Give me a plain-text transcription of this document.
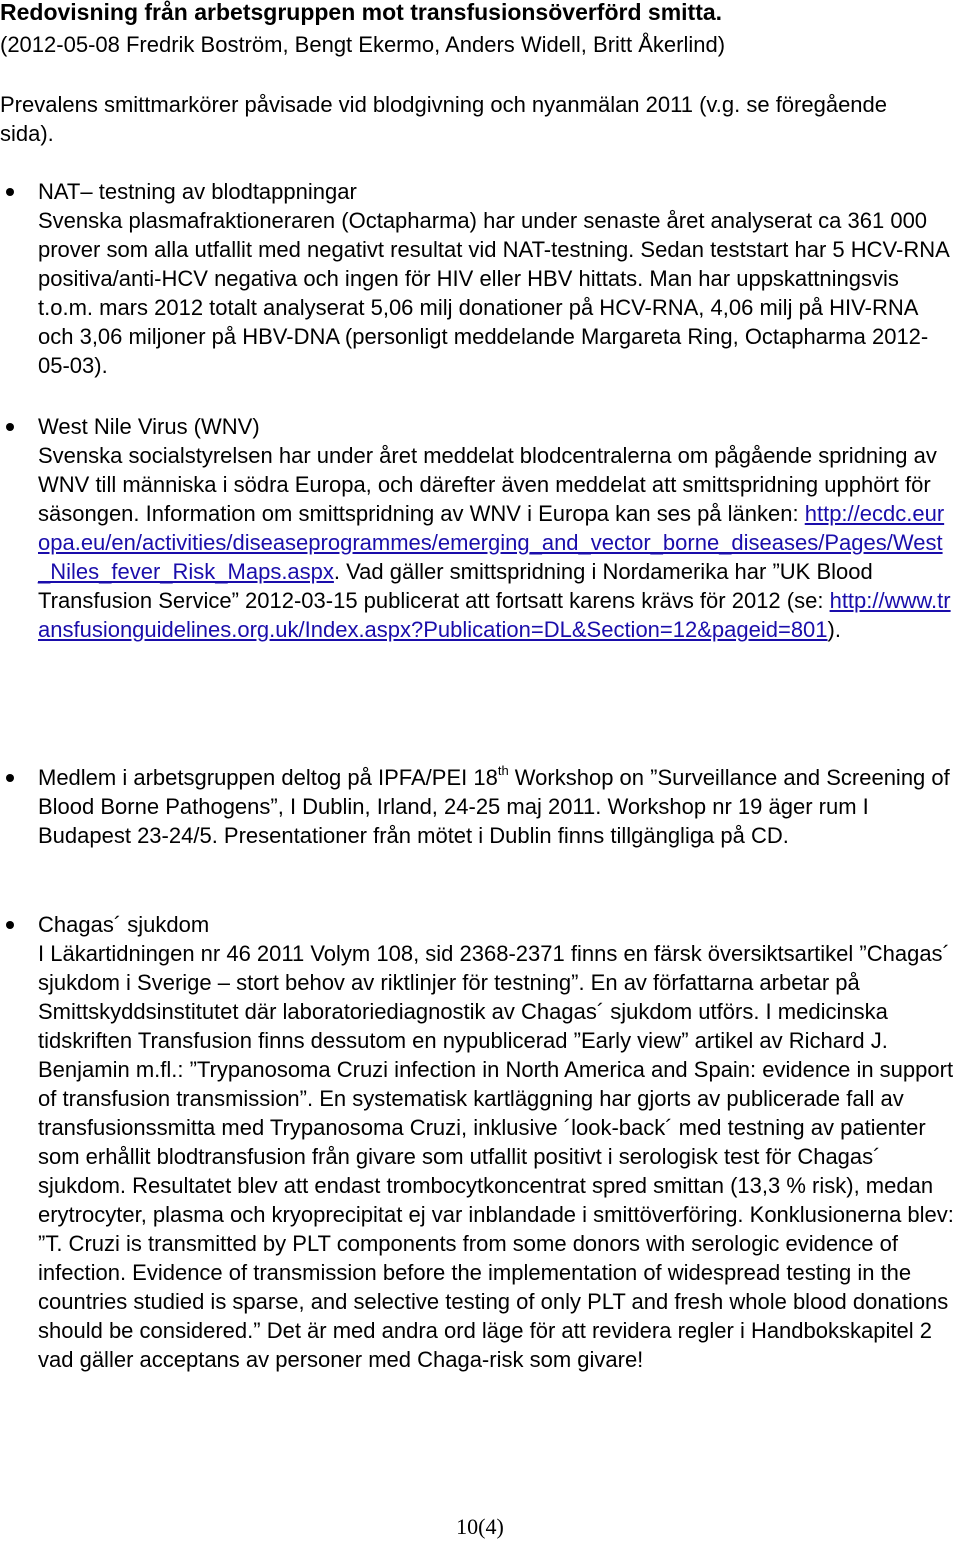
Redovisning från arbetsgruppen mot transfusionsöverförd smitta.
(2012-05-08 Fredrik Boström, Bengt Ekermo, Anders Widell, Britt Åkerlind)
Prevalens smittmarkörer påvisade vid blodgivning och nyanmälan 2011 (v.g. se föregående sida).

NAT– testning av blodtappningar

Svenska plasmafraktioneraren (Octapharma) har under senaste året analyserat ca 361 000 prover som alla utfallit med negativt resultat vid NAT-testning. Sedan teststart har 5 HCV-RNA positiva/anti-HCV negativa och ingen för HIV eller HBV hittats. Man har uppskattningsvis t.o.m. mars 2012 totalt analyserat 5,06 milj donationer på HCV-RNA, 4,06 milj på HIV-RNA och 3,06 miljoner på HBV-DNA (personligt meddelande Margareta Ring, Octapharma 2012-05-03).

West Nile Virus (WNV)

Svenska socialstyrelsen har under året meddelat blodcentralerna om pågående spridning av WNV till människa i södra Europa, och därefter även meddelat att smittspridning upphört för säsongen. Information om smittspridning av WNV i Europa kan ses på länken: http://ecdc.europa.eu/en/activities/diseaseprogrammes/emerging_and_vector_borne_diseases/Pages/West_Niles_fever_Risk_Maps.aspx. Vad gäller smittspridning i Nordamerika har ”UK Blood Transfusion Service” 2012-03-15 publicerat att fortsatt karens krävs för 2012 (se: http://www.transfusionguidelines.org.uk/Index.aspx?Publication=DL&Section=12&pageid=801).

Medlem i arbetsgruppen deltog på IPFA/PEI 18th Workshop on ”Surveillance and Screening of Blood Borne Pathogens”, I Dublin, Irland, 24-25 maj 2011. Workshop nr 19 äger rum I Budapest 23-24/5. Presentationer från mötet i Dublin finns tillgängliga på CD.

Chagas´ sjukdom

I Läkartidningen nr 46 2011 Volym 108, sid 2368-2371 finns en färsk översiktsartikel ”Chagas´ sjukdom i Sverige – stort behov av riktlinjer för testning”. En av författarna arbetar på Smittskyddsinstitutet där laboratoriediagnostik av Chagas´ sjukdom utförs. I medicinska tidskriften Transfusion finns dessutom en nypublicerad ”Early view” artikel av Richard J. Benjamin m.fl.: ”Trypanosoma Cruzi infection in North America and Spain: evidence in support of transfusion transmission”. En systematisk kartläggning har gjorts av publicerade fall av transfusionssmitta med Trypanosoma Cruzi, inklusive ´look-back´ med testning av patienter som erhållit blodtransfusion från givare som utfallit positivt i serologisk test för Chagas´ sjukdom. Resultatet blev att endast trombocytkoncentrat spred smittan (13,3 % risk), medan erytrocyter, plasma och kryoprecipitat ej var inblandade i smittöverföring. Konklusionerna blev: ”T. Cruzi is transmitted by PLT components from some donors with serologic evidence of infection. Evidence of transmission before the implementation of widespread testing in the countries studied is sparse, and selective testing of only PLT and fresh whole blood donations should be considered.” Det är med andra ord läge för att revidera regler i Handbokskapitel 2 vad gäller acceptans av personer med Chaga-risk som givare!

10(4)
